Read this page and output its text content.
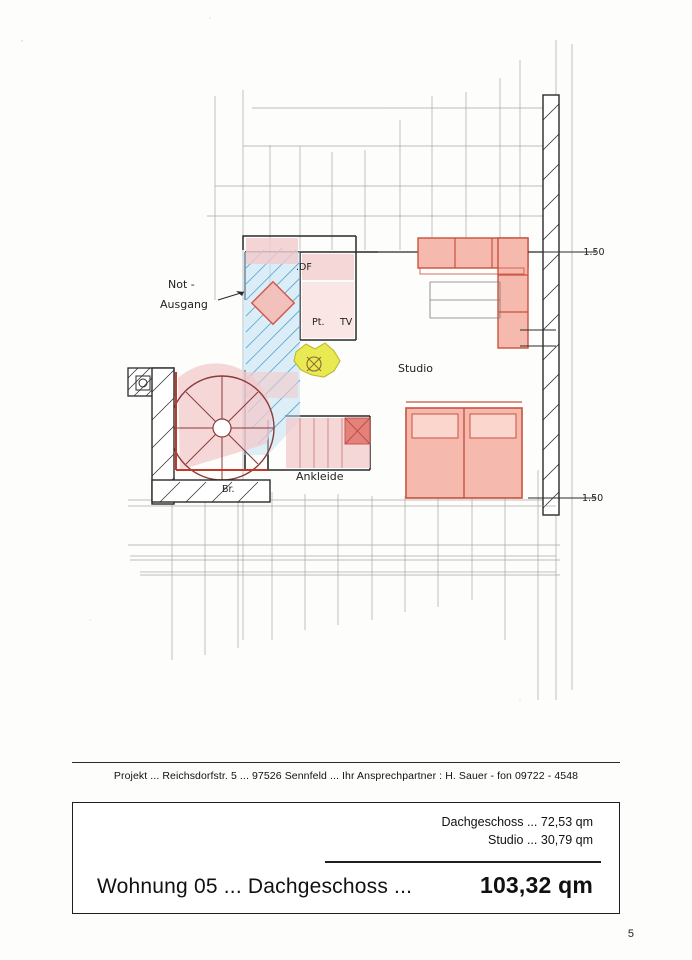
Not -
Ausgang
.DF
Pt. TV
Studio
Ankleide
Br.
-1.50
1.50
Projekt ... Reichsdorfstr. 5 ... 97526 Sennfeld ... Ihr Ansprechpartner : H. Sauer - fon 09722 - 4548
Dachgeschoss ... 72,53 qm
Studio ... 30,79 qm
Wohnung 05 ... Dachgeschoss ...	103,32 qm
5
